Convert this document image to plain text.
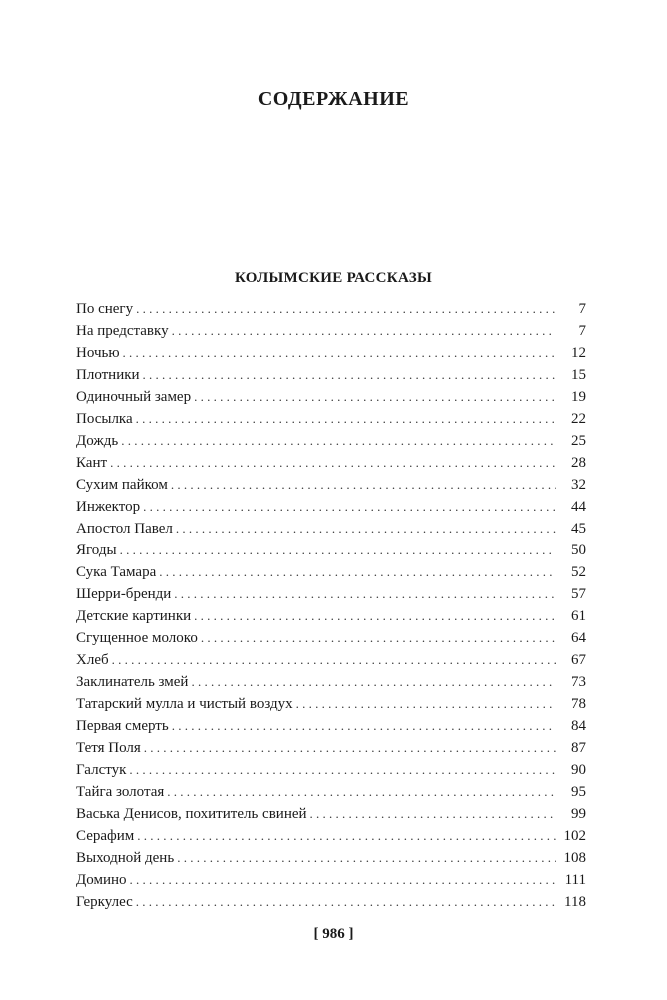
СОДЕРЖАНИЕ
КОЛЫМСКИЕ РАССКАЗЫ
По снегу . . .	7
На представку . . .	7
Ночью . . .	12
Плотники . . .	15
Одиночный замер . . .	19
Посылка . . .	22
Дождь . . .	25
Кант . . .	28
Сухим пайком . . .	32
Инжектор . . .	44
Апостол Павел . . .	45
Ягоды . . .	50
Сука Тамара . . .	52
Шерри-бренди . . .	57
Детские картинки . . .	61
Сгущенное молоко . . .	64
Хлеб . . .	67
Заклинатель змей . . .	73
Татарский мулла и чистый воздух . . .	78
Первая смерть . . .	84
Тетя Поля . . .	87
Галстук . . .	90
Тайга золотая . . .	95
Васька Денисов, похититель свиней . . .	99
Серафим . . .	102
Выходной день . . .	108
Домино . . .	111
Геркулес . . .	118
[ 986 ]
